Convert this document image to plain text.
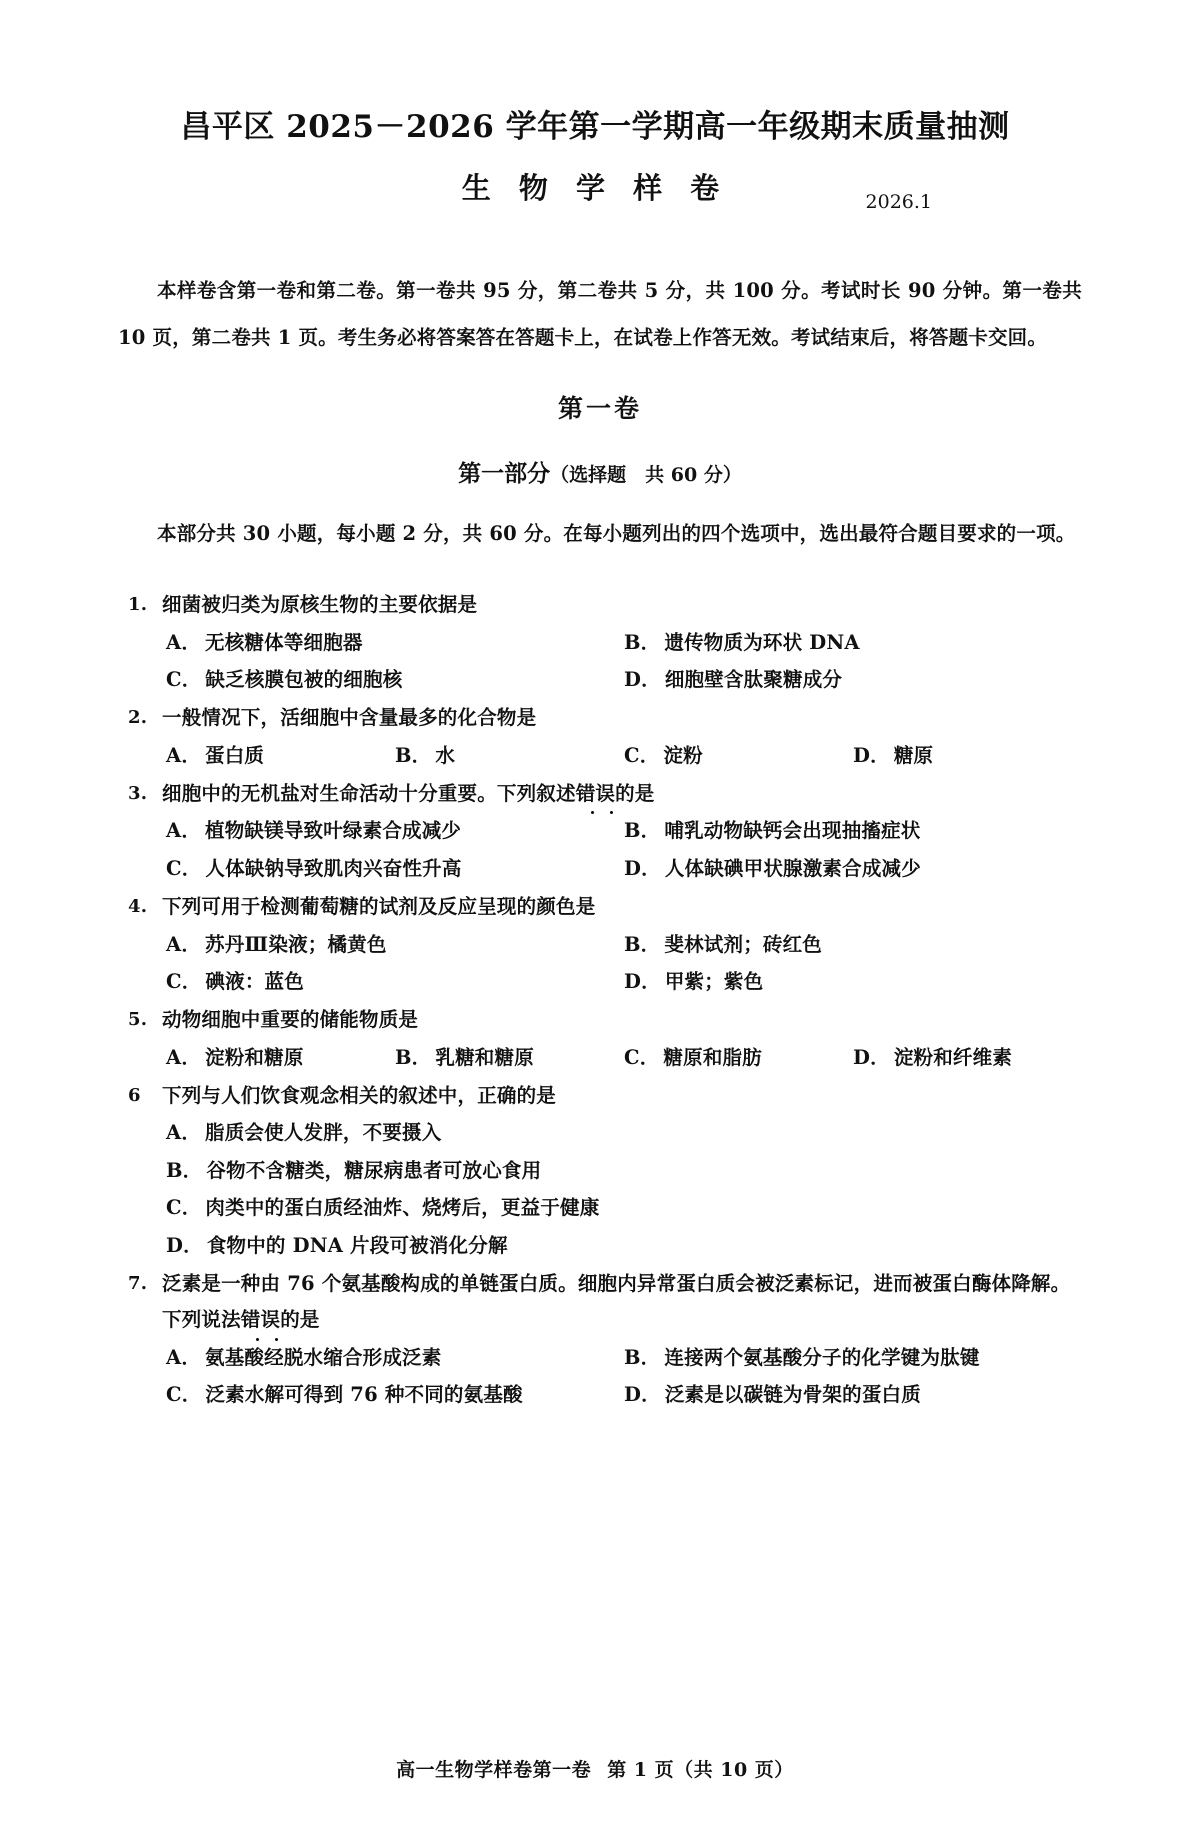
昌平区 2025－2026 学年第一学期高一年级期末质量抽测
生 物 学 样 卷	2026.1

本样卷含第一卷和第二卷。第一卷共 95 分，第二卷共 5 分，共 100 分。考试时长 90 分钟。第一卷共 10 页，第二卷共 1 页。考生务必将答案答在答题卡上，在试卷上作答无效。考试结束后，将答题卡交回。

第一卷
第一部分（选择题　共 60 分）

本部分共 30 小题，每小题 2 分，共 60 分。在每小题列出的四个选项中，选出最符合题目要求的一项。

1. 细菌被归类为原核生物的主要依据是
A． 无核糖体等细胞器	B． 遗传物质为环状 DNA
C． 缺乏核膜包被的细胞核	D． 细胞壁含肽聚糖成分
2. 一般情况下，活细胞中含量最多的化合物是
A． 蛋白质	B． 水	C． 淀粉	D． 糖原
3. 细胞中的无机盐对生命活动十分重要。下列叙述错误的是
A． 植物缺镁导致叶绿素合成减少	B． 哺乳动物缺钙会出现抽搐症状
C． 人体缺钠导致肌肉兴奋性升高	D． 人体缺碘甲状腺激素合成减少
4. 下列可用于检测葡萄糖的试剂及反应呈现的颜色是
A． 苏丹Ⅲ染液；橘黄色	B． 斐林试剂；砖红色
C． 碘液：蓝色	D． 甲紫；紫色
5. 动物细胞中重要的储能物质是
A． 淀粉和糖原	B． 乳糖和糖原	C． 糖原和脂肪	D． 淀粉和纤维素
6	下列与人们饮食观念相关的叙述中，正确的是
A． 脂质会使人发胖，不要摄入
B． 谷物不含糖类，糖尿病患者可放心食用
C． 肉类中的蛋白质经油炸、烧烤后，更益于健康
D． 食物中的 DNA 片段可被消化分解
7. 泛素是一种由 76 个氨基酸构成的单链蛋白质。细胞内异常蛋白质会被泛素标记，进而被蛋白酶体降解。下列说法错误的是
A． 氨基酸经脱水缩合形成泛素	B． 连接两个氨基酸分子的化学键为肽键
C． 泛素水解可得到 76 种不同的氨基酸	D． 泛素是以碳链为骨架的蛋白质
高一生物学样卷第一卷 第 1 页（共 10 页）
